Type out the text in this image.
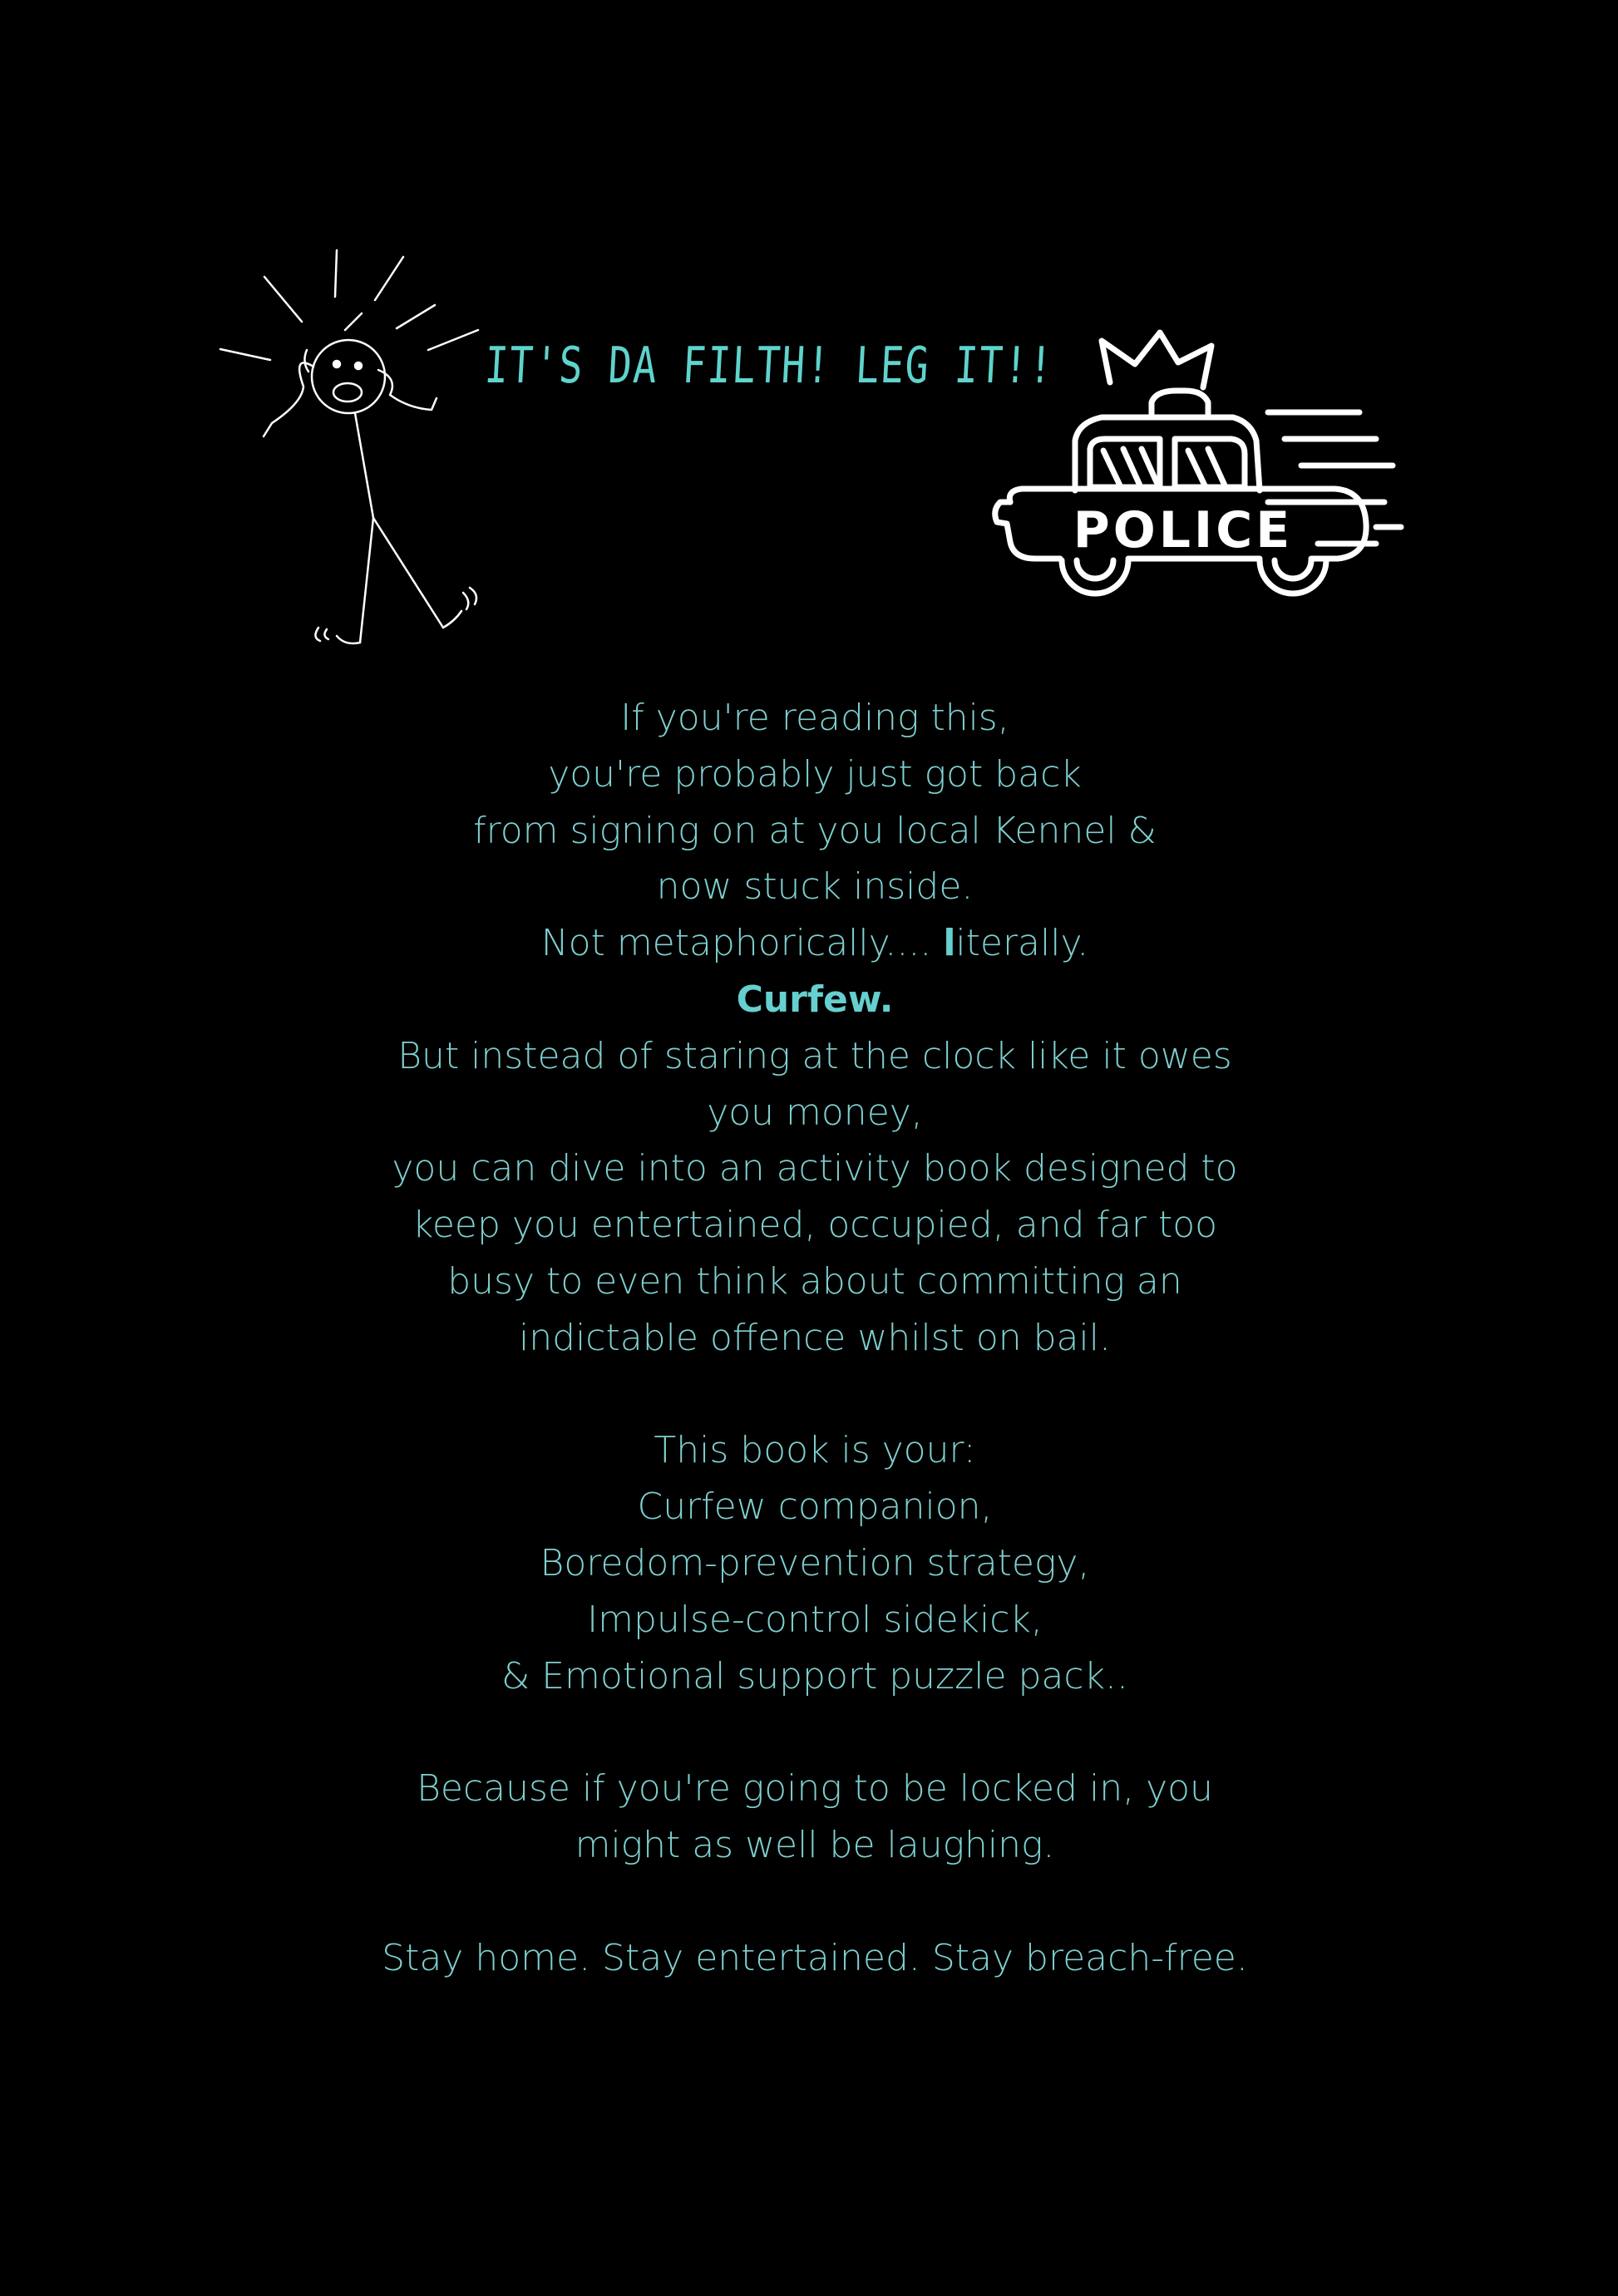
IT'S DA FILTH! LEG IT!!
POLICE
If you're reading this,
you're probably just got back
from signing on at you local Kennel &
now stuck inside.
Not metaphorically.... literally.
Curfew.
But instead of staring at the clock like it owes
you money,
you can dive into an activity book designed to
keep you entertained, occupied, and far too
busy to even think about committing an
indictable offence whilst on bail.
This book is your:
Curfew companion,
Boredom-prevention strategy,
Impulse-control sidekick,
& Emotional support puzzle pack..
Because if you're going to be locked in, you
might as well be laughing.
Stay home. Stay entertained. Stay breach-free.
